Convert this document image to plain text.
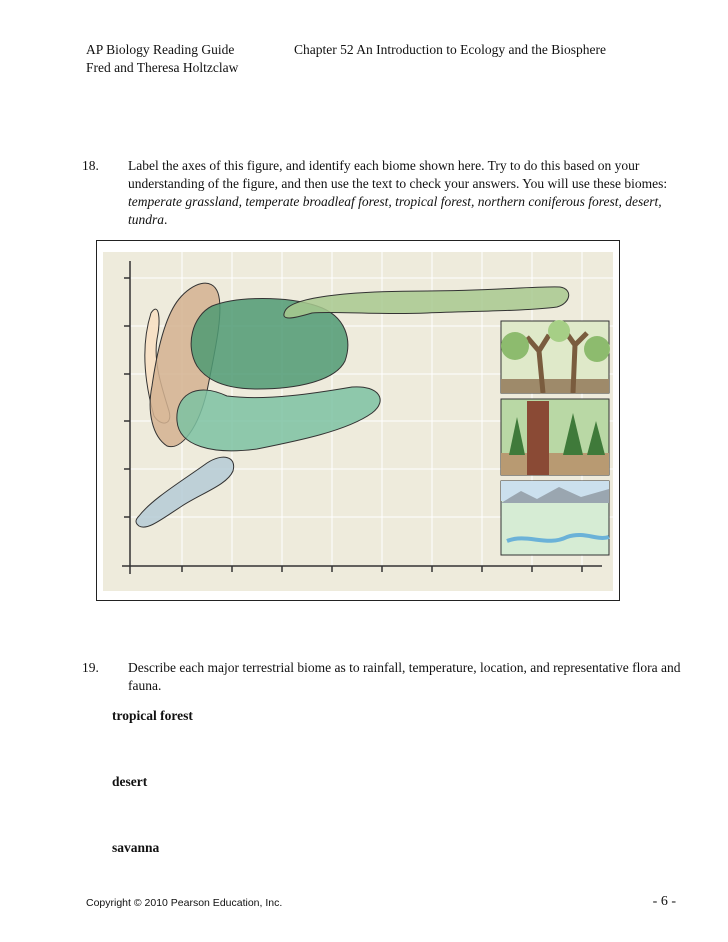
AP Biology Reading Guide	Chapter 52 An Introduction to Ecology and the Biosphere
Fred and Theresa Holtzclaw
18. Label the axes of this figure, and identify each biome shown here. Try to do this based on your understanding of the figure, and then use the text to check your answers. You will use these biomes: temperate grassland, temperate broadleaf forest, tropical forest, northern coniferous forest, desert, tundra.
19. Describe each major terrestrial biome as to rainfall, temperature, location, and representative flora and fauna.
tropical forest
desert
savanna
Copyright © 2010 Pearson Education, Inc.	- 6 -
